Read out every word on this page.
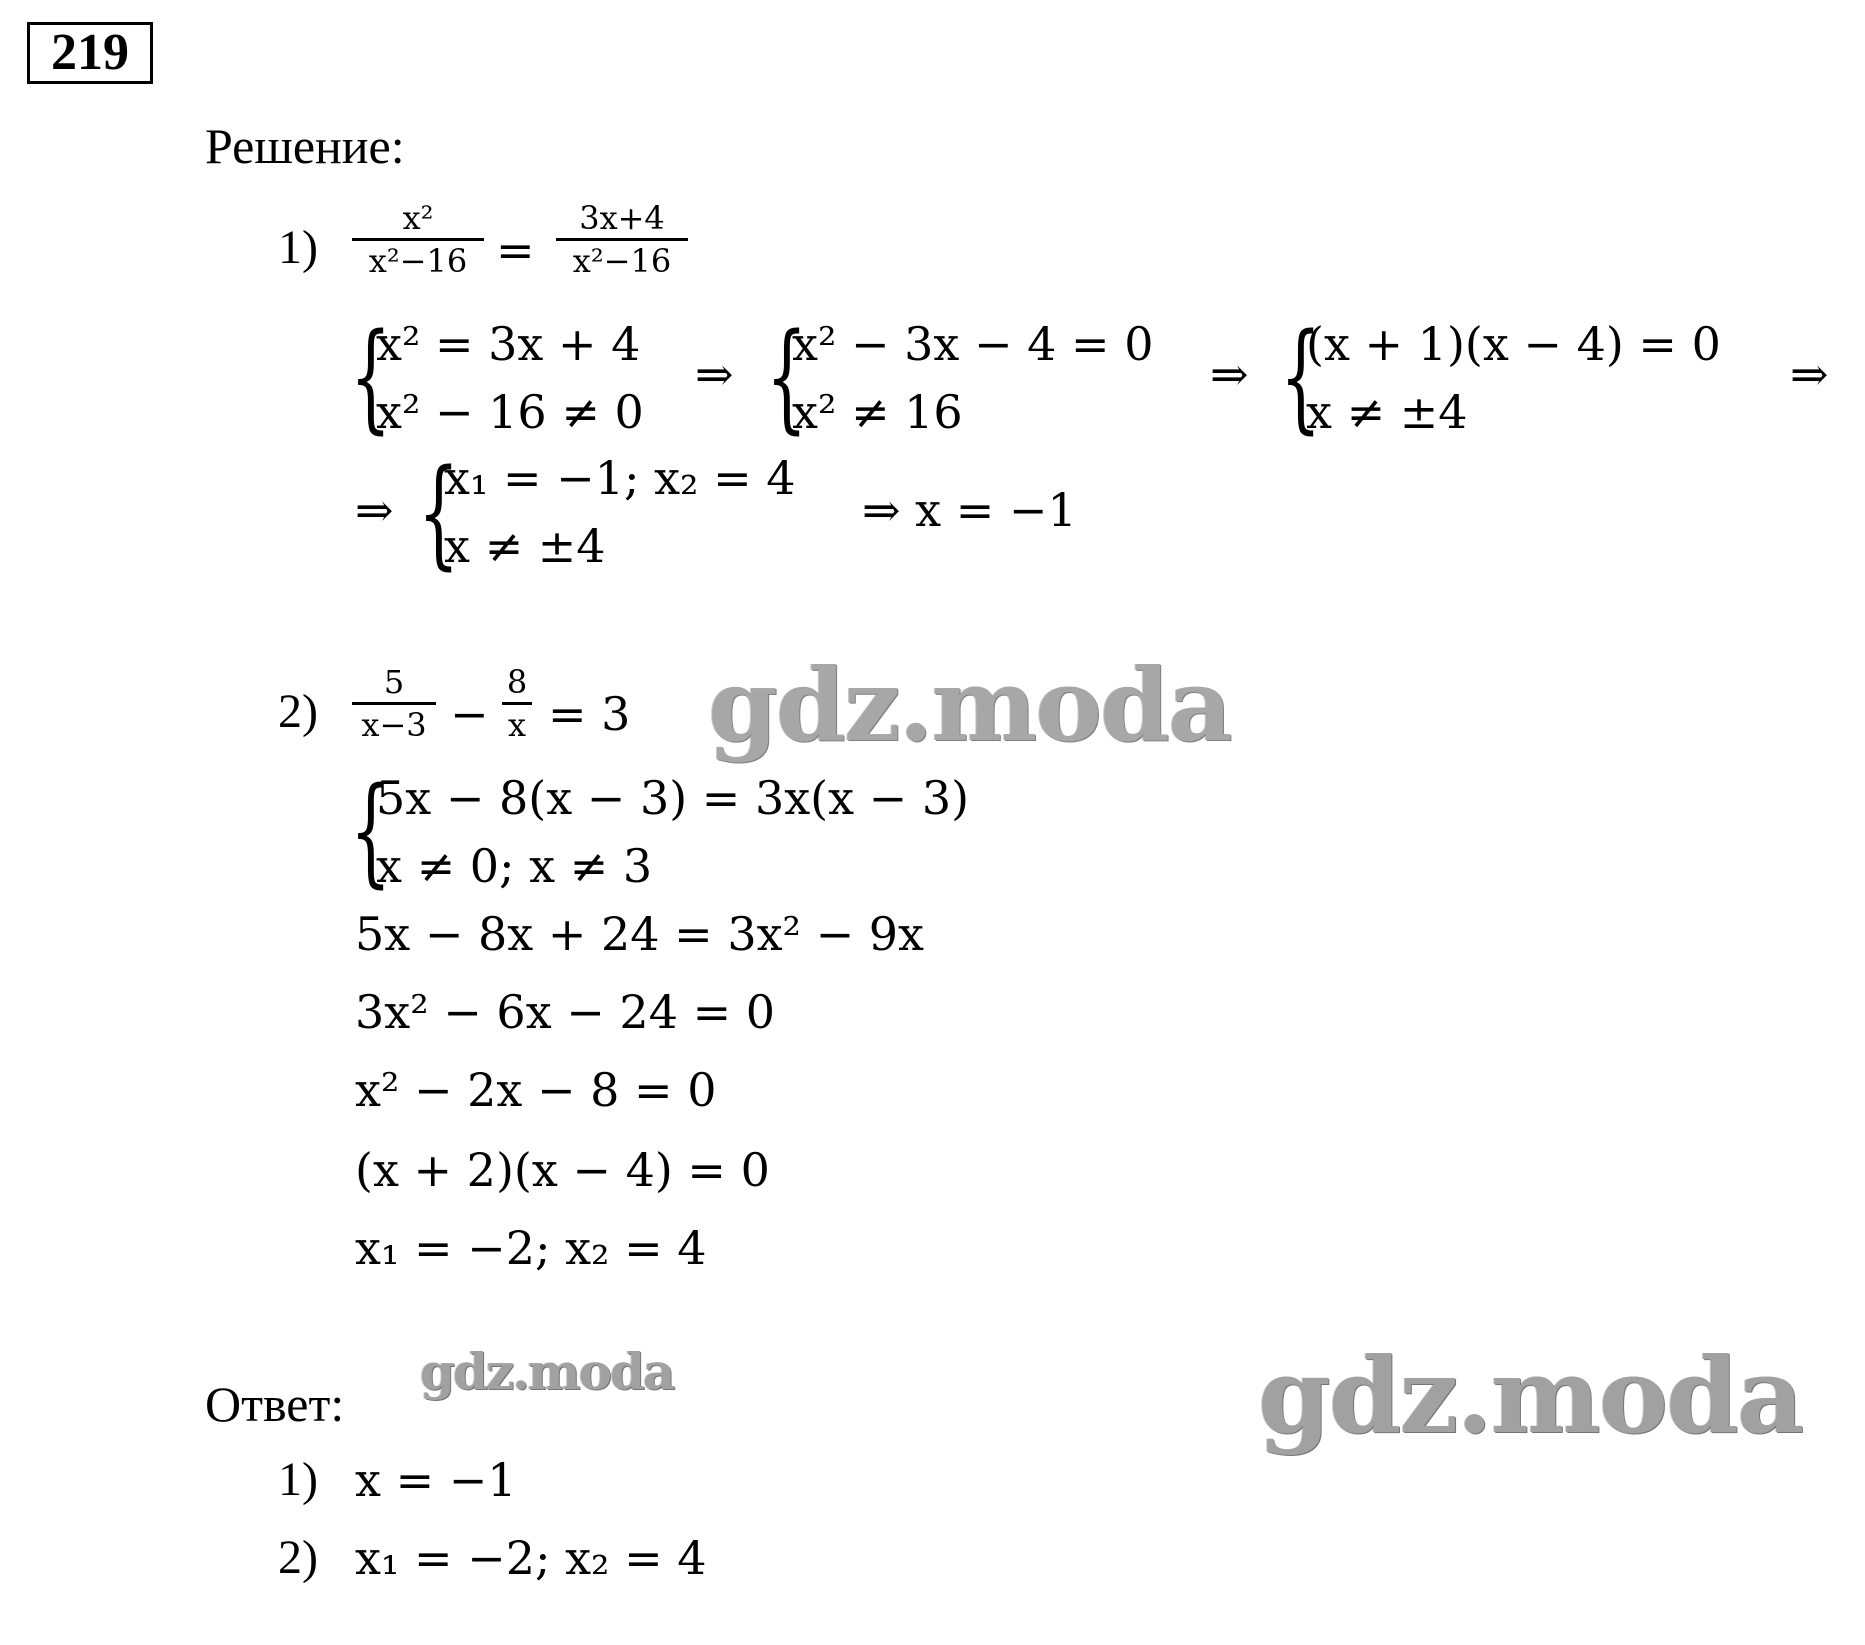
219
Решение:
$1) \frac{\text{x²}}{\text{x²−16}} = \frac{3x+4}{\text{x²−16}}$
{
x² = 3x + 4
x² − 16 ≠ 0
⇒ {
x² − 3x − 4 = 0
x² ≠ 16
⇒ {
(x + 1)(x − 4) = 0
x ≠ ±4
⇒
⇒ {
x₁ = −1; x₂ = 4
x ≠ ±4
⇒ x = −1
$2) \frac{5}{x-3} - \frac{8}{x} = 3$
{
5x − 8(x − 3) = 3x(x − 3)
x ≠ 0; x ≠ 3
5x − 8x + 24 = 3x² − 9x
3x² − 6x − 24 = 0
x² − 2x − 8 = 0
(x + 2)(x − 4) = 0
x₁ = −2; x₂ = 4
Ответ:
1) x = −1
2) x₁ = −2; x₂ = 4
gdz.moda
gdz.moda	gdz.moda
